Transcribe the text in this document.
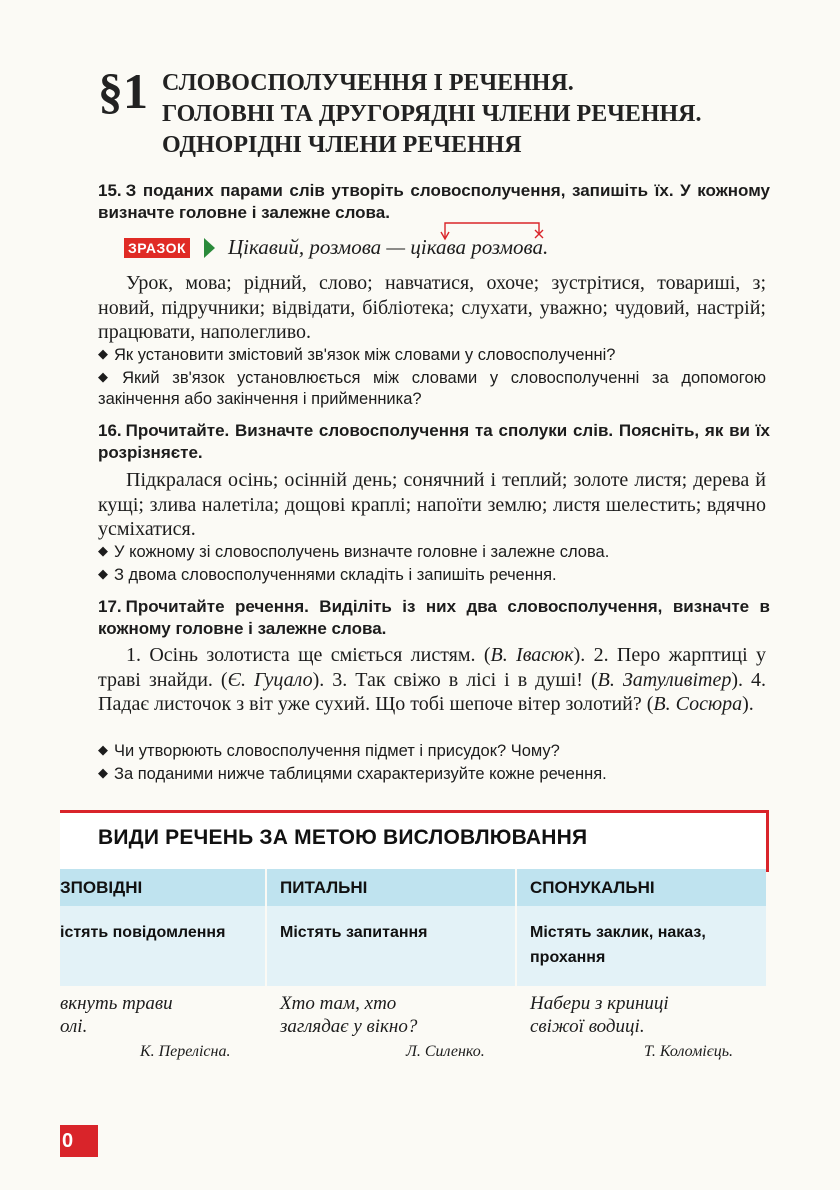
§1 СЛОВОСПОЛУЧЕННЯ І РЕЧЕННЯ.
ГОЛОВНІ ТА ДРУГОРЯДНІ ЧЛЕНИ РЕЧЕННЯ.
ОДНОРІДНІ ЧЛЕНИ РЕЧЕННЯ
15. З поданих парами слів утворіть словосполучення, запишіть їх. У кожному визначте головне і залежне слова.
ЗРАЗОК Цікавий, розмова — цікава розмова.
Урок, мова; рідний, слово; навчатися, охоче; зустрітися, товариші, з; новий, підручники; відвідати, бібліотека; слухати, уважно; чудовий, настрій; працювати, наполегливо.
◆ Як установити змістовий зв'язок між словами у словосполученні?
◆ Який зв'язок установлюється між словами у словосполученні за допомогою закінчення або закінчення і прийменника?
16. Прочитайте. Визначте словосполучення та сполуки слів. Поясніть, як ви їх розрізняєте.
Підкралася осінь; осінній день; сонячний і теплий; золоте листя; дерева й кущі; злива налетіла; дощові краплі; напоїти землю; листя шелестить; вдячно усміхатися.
◆ У кожному зі словосполучень визначте головне і залежне слова.
◆ З двома словосполученнями складіть і запишіть речення.
17. Прочитайте речення. Виділіть із них два словосполучення, визначте в кожному головне і залежне слова.
1. Осінь золотиста ще сміється листям. (В. Івасюк). 2. Перо жарптиці у траві знайди. (Є. Гуцало). 3. Так свіжо в лісі і в душі! (В. Затуливітер). 4. Падає листочок з віт уже сухий. Що тобі шепоче вітер золотий? (В. Сосюра).
◆ Чи утворюють словосполучення підмет і присудок? Чому?
◆ За поданими нижче таблицями схарактеризуйте кожне речення.
ВИДИ РЕЧЕНЬ ЗА МЕТОЮ ВИСЛОВЛЮВАННЯ
ЗПОВІДНІ
істять повідомлення
вкнуть трави
олі.
К. Перелісна.
ПИТАЛЬНІ
Містять запитання
Хто там, хто
заглядає у вікно?
Л. Силенко.
СПОНУКАЛЬНІ
Містять заклик, наказ, прохання
Набери з криниці
свіжої водиці.
Т. Коломієць.
0
